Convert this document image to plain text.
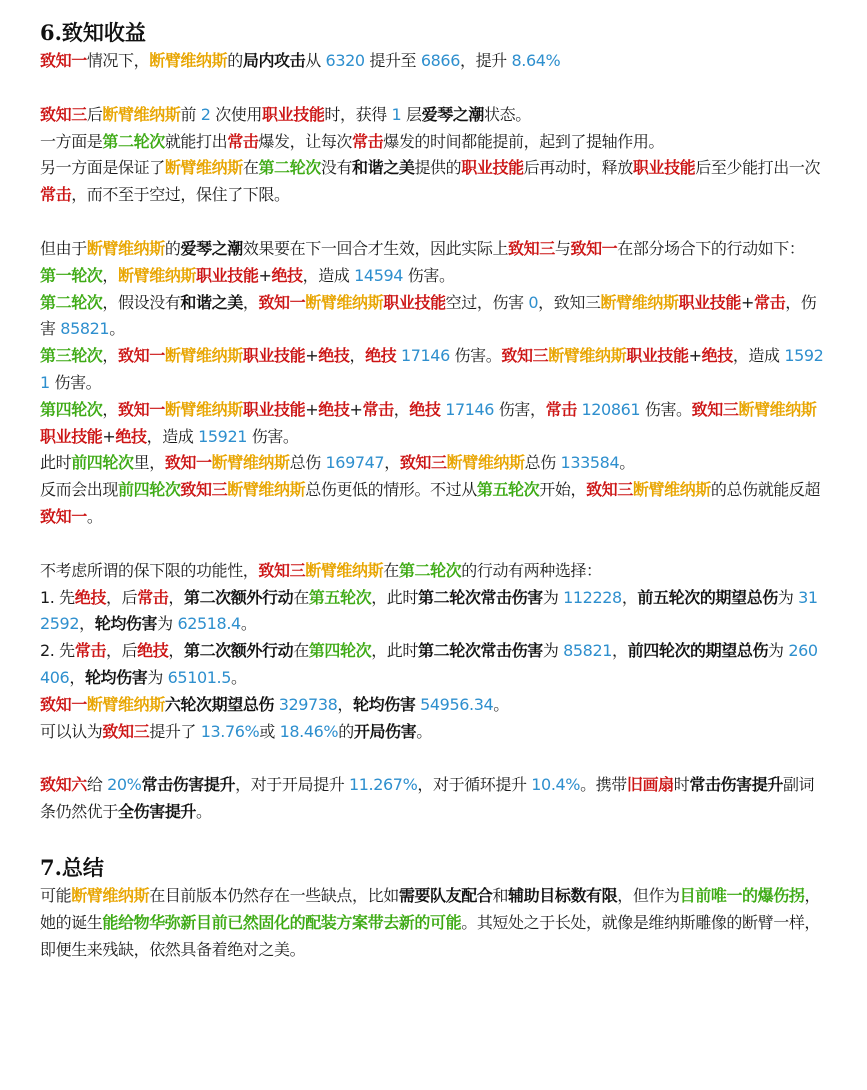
6.致知收益

致知一情况下，断臂维纳斯的局内攻击从 6320 提升至 6866，提升 8.64%

致知三后断臂维纳斯前 2 次使用职业技能时，获得 1 层爱琴之潮状态。

一方面是第二轮次就能打出常击爆发，让每次常击爆发的时间都能提前，起到了提轴作用。

另一方面是保证了断臂维纳斯在第二轮次没有和谐之美提供的职业技能后再动时，释放职业技能后至少能打出一次常击，而不至于空过，保住了下限。

但由于断臂维纳斯的爱琴之潮效果要在下一回合才生效，因此实际上致知三与致知一在部分场合下的行动如下：

第一轮次，断臂维纳斯职业技能+绝技，造成 14594 伤害。

第二轮次，假设没有和谐之美，致知一断臂维纳斯职业技能空过，伤害 0，致知三断臂维纳斯职业技能+常击，伤害 85821。

第三轮次，致知一断臂维纳斯职业技能+绝技，绝技 17146 伤害。致知三断臂维纳斯职业技能+绝技，造成 15921 伤害。

第四轮次，致知一断臂维纳斯职业技能+绝技+常击，绝技 17146 伤害，常击 120861 伤害。致知三断臂维纳斯职业技能+绝技，造成 15921 伤害。

此时前四轮次里，致知一断臂维纳斯总伤 169747，致知三断臂维纳斯总伤 133584。

反而会出现前四轮次致知三断臂维纳斯总伤更低的情形。不过从第五轮次开始，致知三断臂维纳斯的总伤就能反超致知一。

不考虑所谓的保下限的功能性，致知三断臂维纳斯在第二轮次的行动有两种选择：

1. 先绝技，后常击，第二次额外行动在第五轮次，此时第二轮次常击伤害为 112228，前五轮次的期望总伤为 312592，轮均伤害为 62518.4。

2. 先常击，后绝技，第二次额外行动在第四轮次，此时第二轮次常击伤害为 85821，前四轮次的期望总伤为 260406，轮均伤害为 65101.5。

致知一断臂维纳斯六轮次期望总伤 329738，轮均伤害 54956.34。

可以认为致知三提升了 13.76%或 18.46%的开局伤害。

致知六给 20%常击伤害提升，对于开局提升 11.267%，对于循环提升 10.4%。携带旧画扇时常击伤害提升副词条仍然优于全伤害提升。

7.总结

可能断臂维纳斯在目前版本仍然存在一些缺点，比如需要队友配合和辅助目标数有限，但作为目前唯一的爆伤拐，她的诞生能给物华弥新目前已然固化的配装方案带去新的可能。其短处之于长处，就像是维纳斯雕像的断臂一样，即便生来残缺，依然具备着绝对之美。
